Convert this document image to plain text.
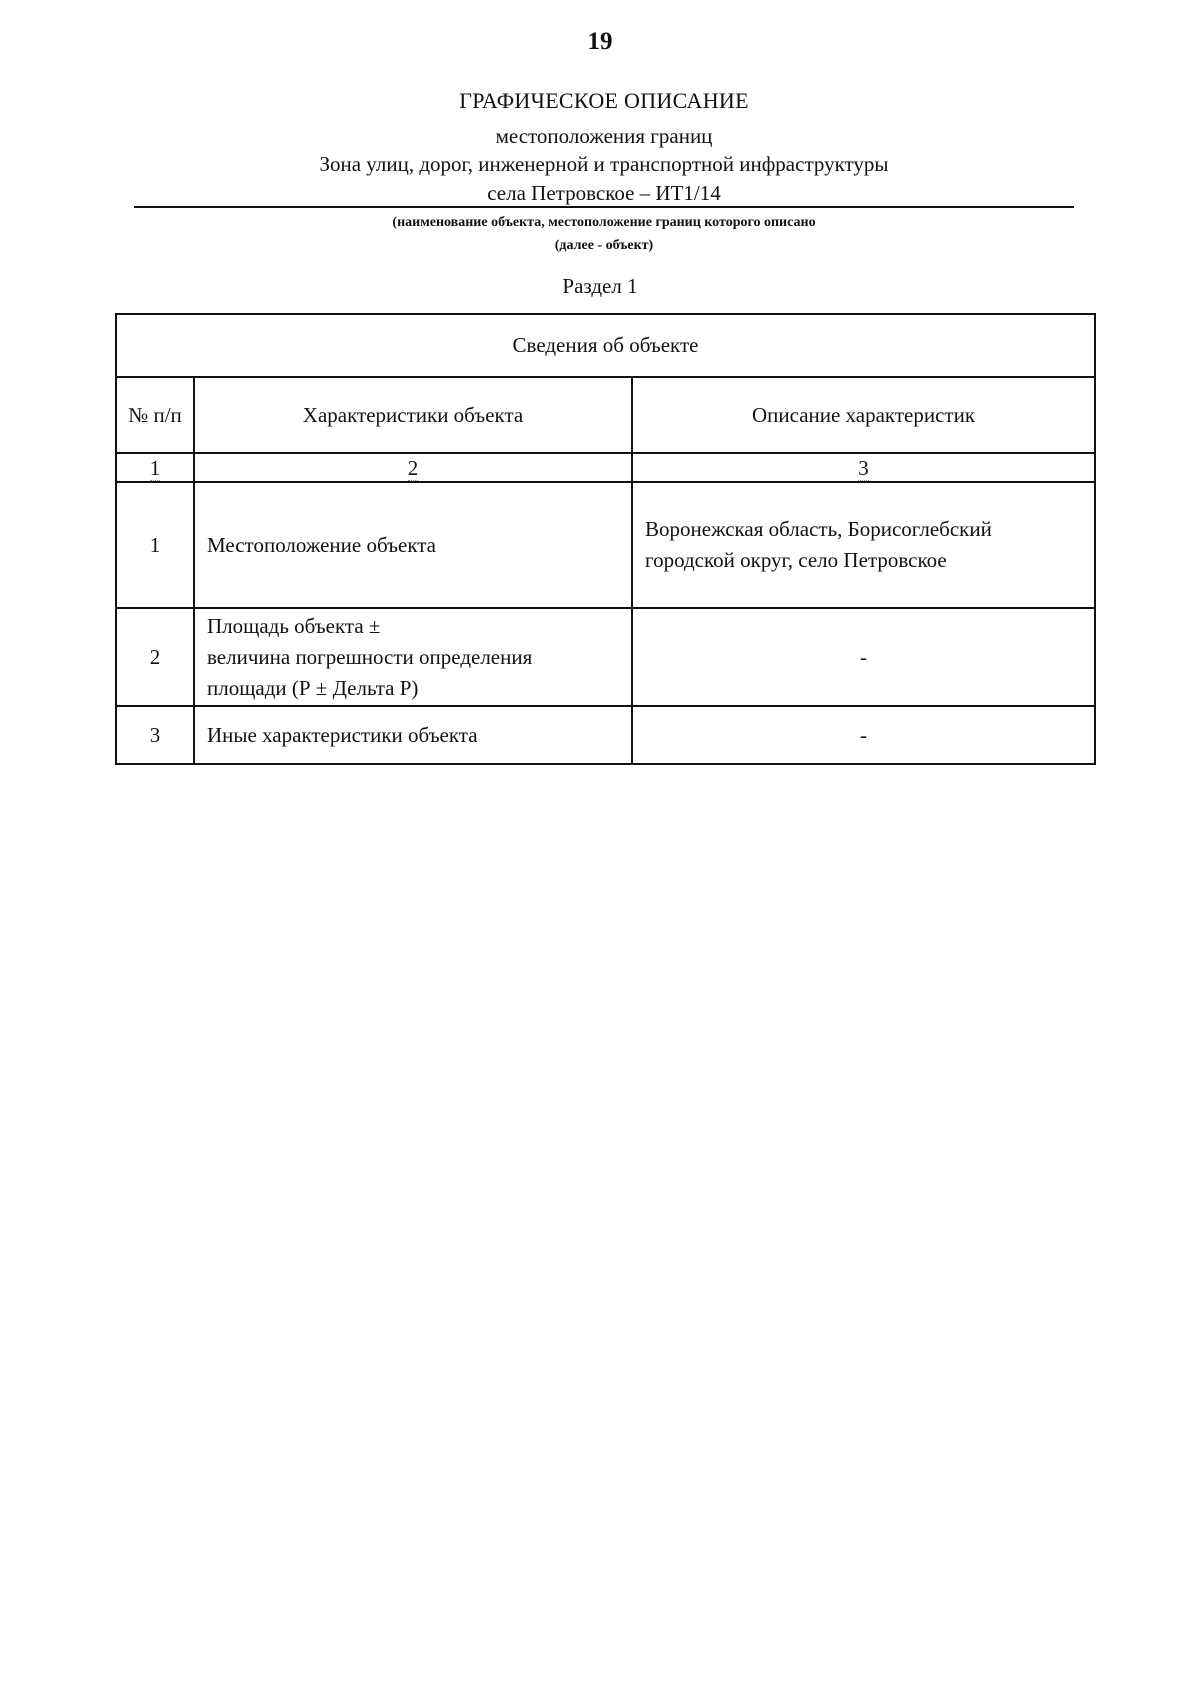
19
ГРАФИЧЕСКОЕ ОПИСАНИЕ
местоположения границ
Зона улиц, дорог, инженерной и транспортной инфраструктуры
села Петровское – ИТ1/14
(наименование объекта, местоположение границ которого описано
(далее - объект)
Раздел 1
Сведения об объекте		
№ п/п	Характеристики объекта	Описание характеристик
1	2	3
1	Местоположение объекта	Воронежская область, Борисоглебский городской округ, село Петровское
2	Площадь объекта ±
величина погрешности определения
площади (Р ± Дельта Р)	-
3	Иные характеристики объекта	-
